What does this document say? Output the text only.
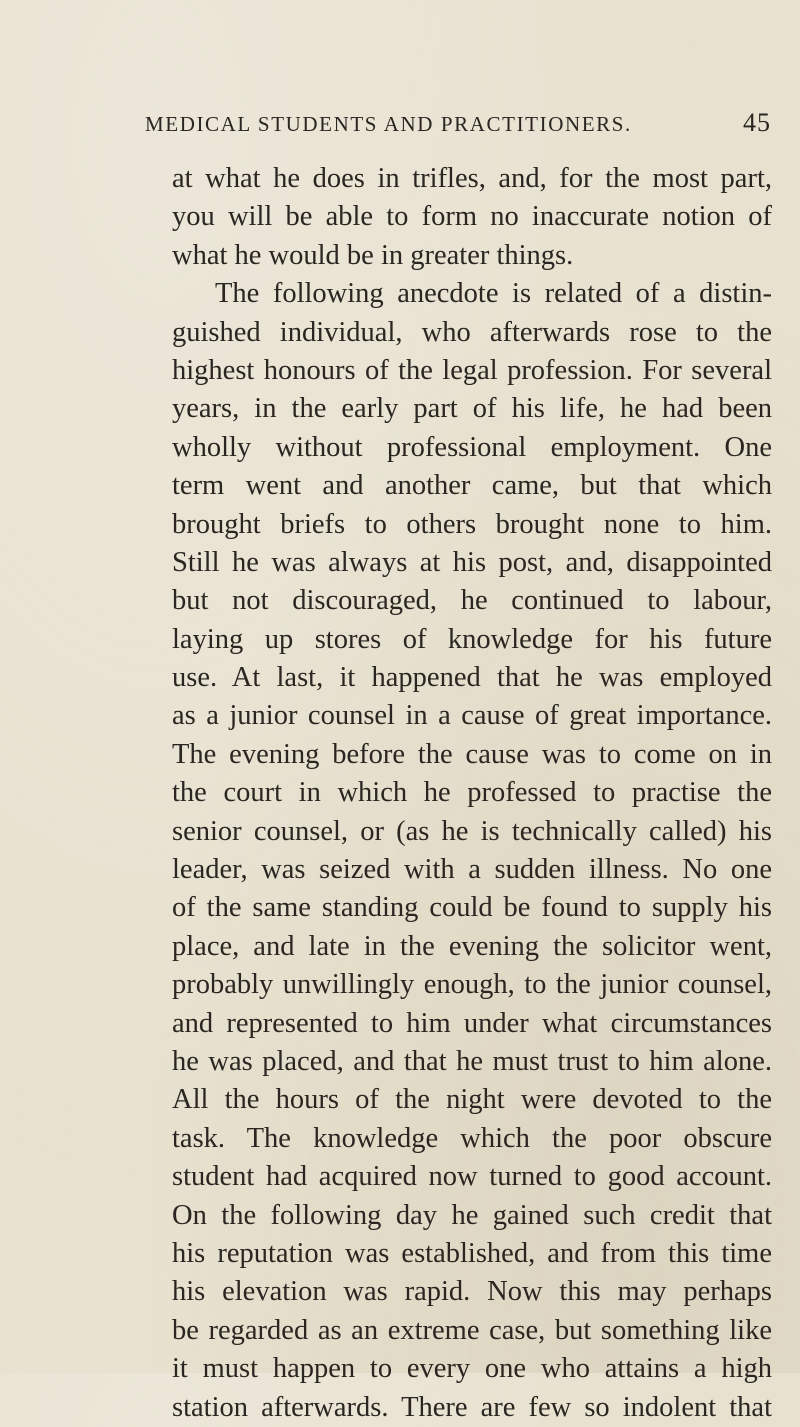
MEDICAL STUDENTS AND PRACTITIONERS.	45
at what he does in trifles, and, for the most part,
you will be able to form no inaccurate notion of
what he would be in greater things.
The following anecdote is related of a distin-
guished individual, who afterwards rose to the
highest honours of the legal profession. For several
years, in the early part of his life, he had been
wholly without professional employment. One
term went and another came, but that which
brought briefs to others brought none to him.
Still he was always at his post, and, disappointed
but not discouraged, he continued to labour,
laying up stores of knowledge for his future
use. At last, it happened that he was employed
as a junior counsel in a cause of great importance.
The evening before the cause was to come on in
the court in which he professed to practise the
senior counsel, or (as he is technically called) his
leader, was seized with a sudden illness. No one
of the same standing could be found to supply his
place, and late in the evening the solicitor went,
probably unwillingly enough, to the junior counsel,
and represented to him under what circumstances
he was placed, and that he must trust to him alone.
All the hours of the night were devoted to the
task. The knowledge which the poor obscure
student had acquired now turned to good account.
On the following day he gained such credit that
his reputation was established, and from this time
his elevation was rapid. Now this may perhaps
be regarded as an extreme case, but something like
it must happen to every one who attains a high
station afterwards. There are few so indolent that
